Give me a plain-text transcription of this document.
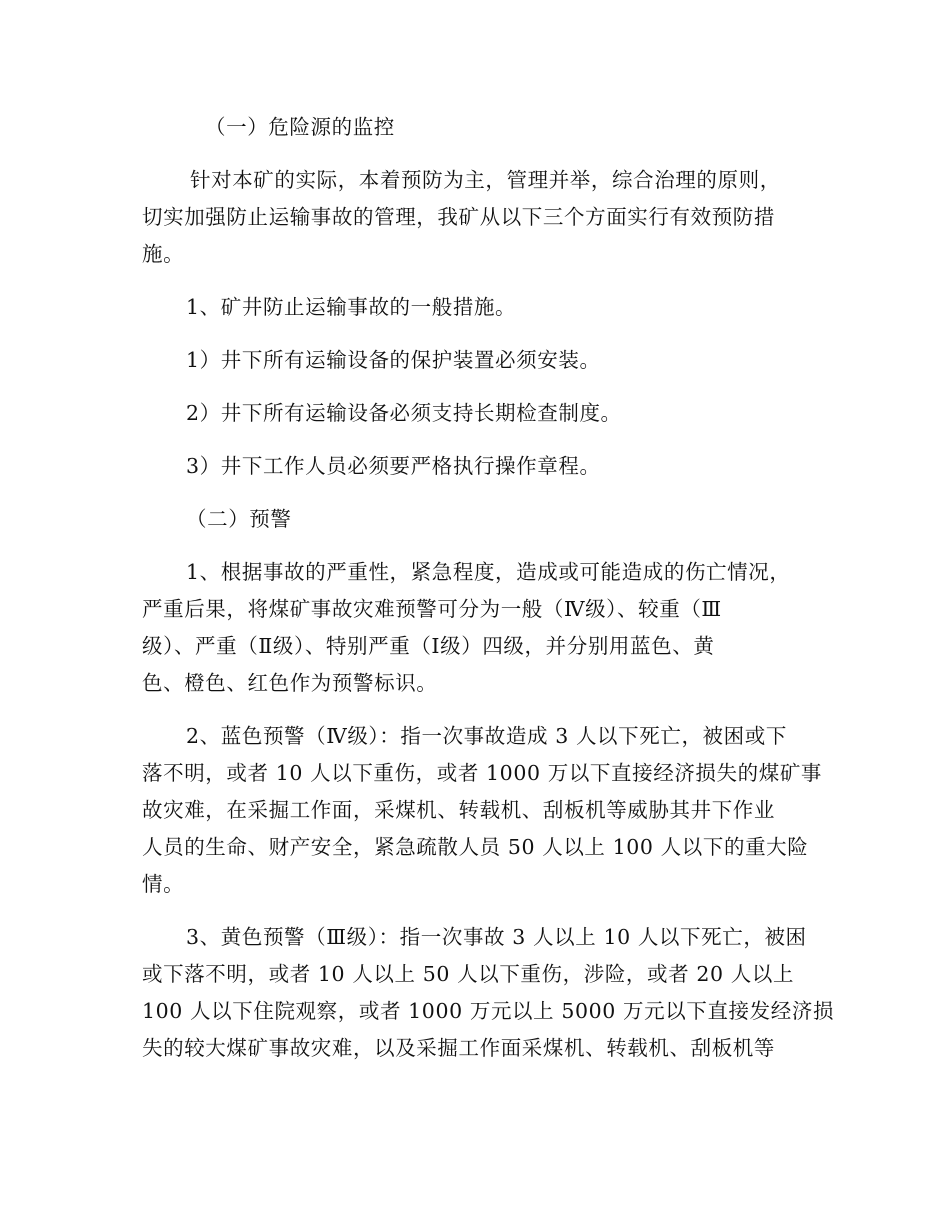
（一）危险源的监控
针对本矿的实际，本着预防为主，管理并举，综合治理的原则，
切实加强防止运输事故的管理，我矿从以下三个方面实行有效预防措
施。
1、矿井防止运输事故的一般措施。
1）井下所有运输设备的保护装置必须安装。
2）井下所有运输设备必须支持长期检查制度。
3）井下工作人员必须要严格执行操作章程。
（二）预警
1、根据事故的严重性，紧急程度，造成或可能造成的伤亡情况，
严重后果，将煤矿事故灾难预警可分为一般（Ⅳ级）、较重（Ⅲ
级）、严重（Ⅱ级）、特别严重（Ⅰ级）四级，并分别用蓝色、黄
色、橙色、红色作为预警标识。
2、蓝色预警（Ⅳ级）：指一次事故造成 3 人以下死亡，被困或下
落不明，或者 10 人以下重伤，或者 1000 万以下直接经济损失的煤矿事
故灾难，在采掘工作面，采煤机、转载机、刮板机等威胁其井下作业
人员的生命、财产安全，紧急疏散人员 50 人以上 100 人以下的重大险
情。
3、黄色预警（Ⅲ级）：指一次事故 3 人以上 10 人以下死亡，被困
或下落不明，或者 10 人以上 50 人以下重伤，涉险，或者 20 人以上
100 人以下住院观察，或者 1000 万元以上 5000 万元以下直接发经济损
失的较大煤矿事故灾难，以及采掘工作面采煤机、转载机、刮板机等
